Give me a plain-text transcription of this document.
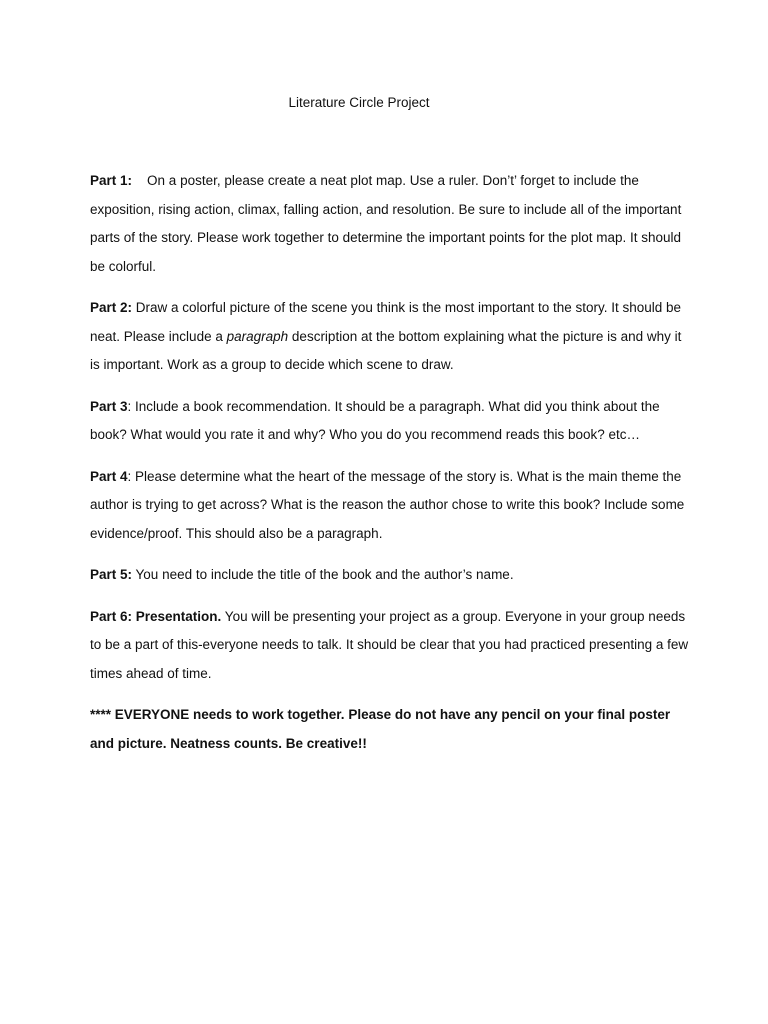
Literature Circle Project

Part 1: On a poster, please create a neat plot map. Use a ruler. Don’t’ forget to include the exposition, rising action, climax, falling action, and resolution. Be sure to include all of the important parts of the story. Please work together to determine the important points for the plot map. It should be colorful.

Part 2: Draw a colorful picture of the scene you think is the most important to the story. It should be neat. Please include a paragraph description at the bottom explaining what the picture is and why it is important. Work as a group to decide which scene to draw.

Part 3: Include a book recommendation. It should be a paragraph. What did you think about the book? What would you rate it and why? Who you do you recommend reads this book? etc…

Part 4: Please determine what the heart of the message of the story is. What is the main theme the author is trying to get across? What is the reason the author chose to write this book? Include some evidence/proof. This should also be a paragraph.

Part 5: You need to include the title of the book and the author’s name.

Part 6: Presentation. You will be presenting your project as a group. Everyone in your group needs to be a part of this-everyone needs to talk. It should be clear that you had practiced presenting a few times ahead of time.

**** EVERYONE needs to work together. Please do not have any pencil on your final poster and picture. Neatness counts. Be creative!!
